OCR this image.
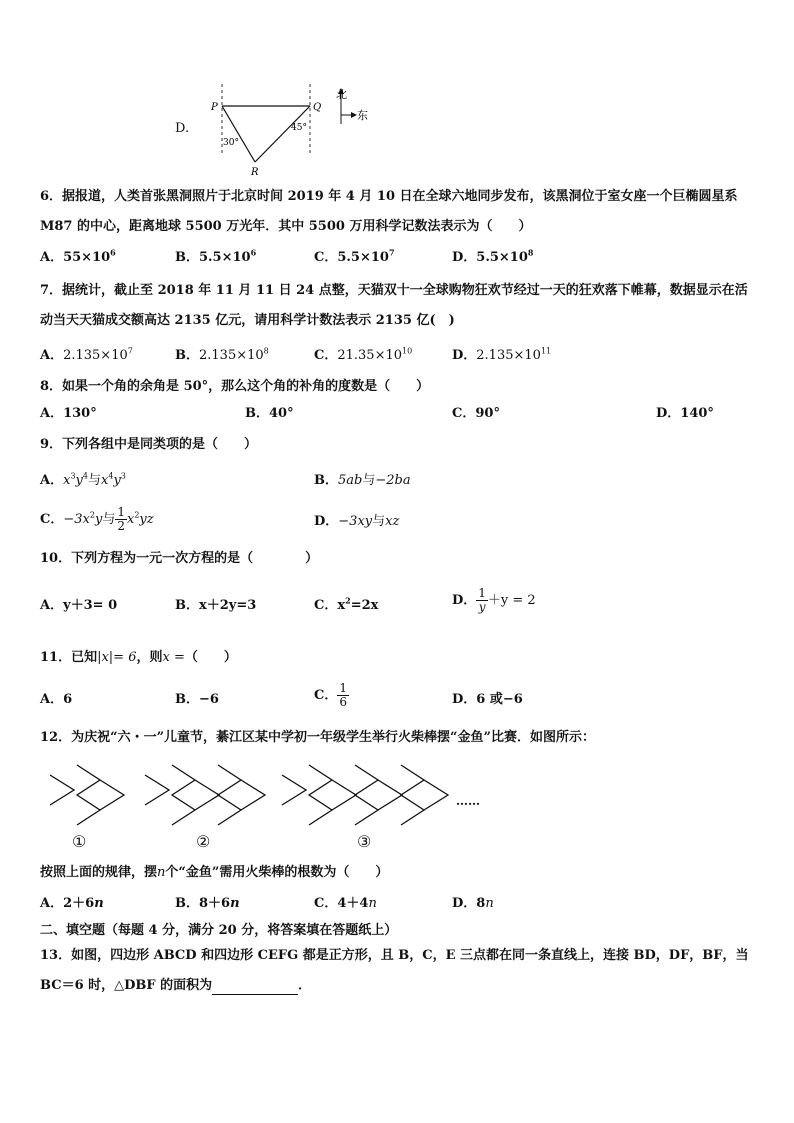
D.
P	Q
R
30°
45°
北
东
6．据报道，人类首张黑洞照片于北京时间 2019 年 4 月 10 日在全球六地同步发布，该黑洞位于室女座一个巨椭圆星系
M87 的中心，距离地球 5500 万光年．其中 5500 万用科学记数法表示为（　　）
A．$55\times 10^6$	B．$5.5\times 10^6$	C．$5.5\times 10^7$	D．$5.5\times 10^8$
7．据统计，截止至 2018 年 11 月 11 日 24 点整，天猫双十一全球购物狂欢节经过一天的狂欢落下帷幕，数据显示在活
动当天天猫成交额高达 2135 亿元，请用科学计数法表示 2135 亿(　)
A．$2.135\times 10^7$	B．$2.135\times 10^8$	C．$21.35\times 10^{10}$	D．$2.135\times 10^{11}$
8．如果一个角的余角是 50°，那么这个角的补角的度数是（　　）
A．130°	B．40°	C．90°	D．140°
9．下列各组中是同类项的是（　　）
A．$x^3y^4$与$x^4y^3$	B．5ab与−2ba
C．$-3x^2y$与 $\frac{1}{2} x^2yz$	D．−3xy与xz
10．下列方程为一元一次方程的是（　　　　）
A．y＋3= 0	B．x＋2y=3	C．$x^2=2x$	D． $\frac{1}{y} +y = 2$
11．已知|x|= 6，则x =（　　）
A．6	B．−6	C． $\frac{1}{6}$	D．6 或−6
12．为庆祝“六・一”儿童节，綦江区某中学初一年级学生举行火柴棒摆“金鱼”比赛．如图所示：
……
①	②	③
按照上面的规律，摆n个“金鱼”需用火柴棒的根数为（　　）
A．2＋6n	B．8＋6n	C．4＋4n	D．8n
二、填空题（每题 4 分，满分 20 分，将答案填在答题纸上）
13．如图，四边形 ABCD 和四边形 CEFG 都是正方形，且 B，C，E 三点都在同一条直线上，连接 BD，DF，BF，当
BC＝6 时，△DBF 的面积为	．
